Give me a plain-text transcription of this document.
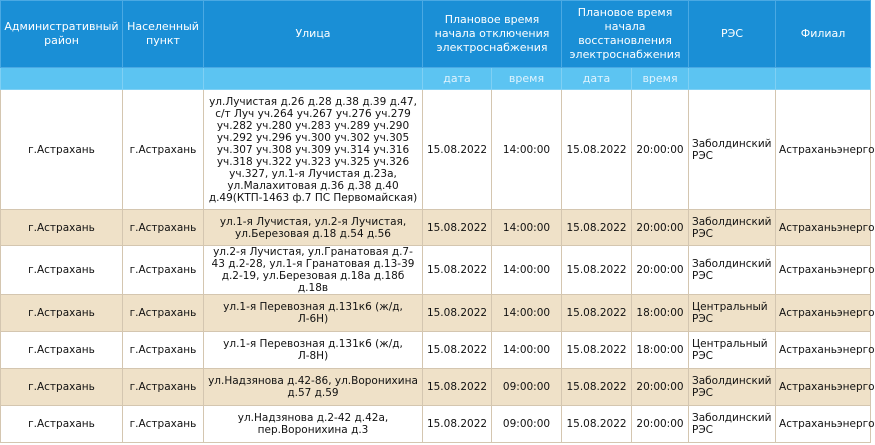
Административный район	Населенный пункт	Улица	Плановое время начала отключения электроснабжения		Плановое время начала восстановления электроснабжения		РЭС	Филиал
			дата	время	дата	время		
г.Астрахань	г.Астрахань	ул.Лучистая д.26 д.28 д.38 д.39 д.47, с/т Луч уч.264 уч.267 уч.276 уч.279 уч.282 уч.280 уч.283 уч.289 уч.290 уч.292 уч.296 уч.300 уч.302 уч.305 уч.307 уч.308 уч.309 уч.314 уч.316 уч.318 уч.322 уч.323 уч.325 уч.326 уч.327, ул.1-я Лучистая д.23а, ул.Малахитовая д.36 д.38 д.40 д.49(КТП-1463 ф.7 ПС Первомайская)	15.08.2022	14:00:00	15.08.2022	20:00:00	Заболдинский РЭС	Астраханьэнерго
г.Астрахань	г.Астрахань	ул.1-я Лучистая, ул.2-я Лучистая, ул.Березовая д.18 д.54 д.56	15.08.2022	14:00:00	15.08.2022	20:00:00	Заболдинский РЭС	Астраханьэнерго
г.Астрахань	г.Астрахань	ул.2-я Лучистая, ул.Гранатовая д.7-43 д.2-28, ул.1-я Гранатовая д.13-39 д.2-19, ул.Березовая д.18а д.18б д.18в	15.08.2022	14:00:00	15.08.2022	20:00:00	Заболдинский РЭС	Астраханьэнерго
г.Астрахань	г.Астрахань	ул.1-я Перевозная д.131к6 (ж/д, Л-6Н)	15.08.2022	14:00:00	15.08.2022	18:00:00	Центральный РЭС	Астраханьэнерго
г.Астрахань	г.Астрахань	ул.1-я Перевозная д.131к6 (ж/д, Л-8Н)	15.08.2022	14:00:00	15.08.2022	18:00:00	Центральный РЭС	Астраханьэнерго
г.Астрахань	г.Астрахань	ул.Надзянова д.42-86, ул.Воронихина д.57 д.59	15.08.2022	09:00:00	15.08.2022	20:00:00	Заболдинский РЭС	Астраханьэнерго
г.Астрахань	г.Астрахань	ул.Надзянова д.2-42 д.42а, пер.Воронихина д.3	15.08.2022	09:00:00	15.08.2022	20:00:00	Заболдинский РЭС	Астраханьэнерго
